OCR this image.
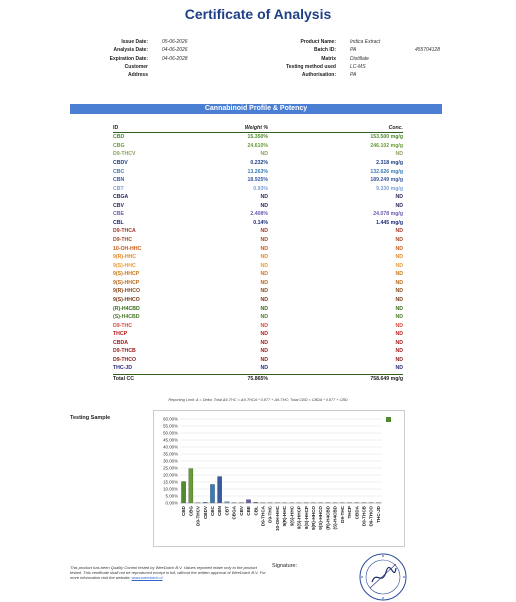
Certificate of Analysis
Issue Date:	05-06-2026
Analysis Date:	04-06-2026
Expiration Date:	04-06-2028
Customer
Address
Product Name:	Indica Extract
Batch ID:	PA	455704128
Matrix	Distillate
Testing method used	LC-MS
Authorisation:	PA
Cannabinoid Profile & Potency
ID	Weight %	Conc.
CBD	15.350%	153.500 mg/g
CBG	24.610%	246.102 mg/g
D9-THCV	ND	ND
CBDV	0.232%	2.318 mg/g
CBC	13.263%	132.626 mg/g
CBN	18.925%	189.249 mg/g
CBT	0.93%	9.330 mg/g
CBGA	ND	ND
CBV	ND	ND
CBE	2.408%	24.078 mg/g
CBL	0.14%	1.445 mg/g
D9-THCA	ND	ND
D9-THC	ND	ND
10-OH-HHC	ND	ND
9(R)-HHC	ND	ND
9(S)-HHC	ND	ND
9(S)-HHCP	ND	ND
9(S)-HHCP	ND	ND
9(R)-HHCO	ND	ND
9(S)-HHCO	ND	ND
(R)-H4CBD	ND	ND
(S)-H4CBD	ND	ND
D9-THC	ND	ND
THCP	ND	ND
CBDA	ND	ND
D9-THCB	ND	ND
D9-THCO	ND	ND
THC-JD	ND	ND
Total CC	75.865%	758.649 mg/g
Reporting Limit: Δ = Delta; Total Δ9-THC = Δ9-THCA * 0.877 + Δ9-THC; Total CBD = CBDA * 0.877 + CBD
Testing Sample	60.00%
55.00%
50.00%
45.00%
40.00%
35.00%
30.00%
25.00%
20.00%
15.00%
10.00%
5.00%
0.00%
CBD CBG D9-THCV CBDV CBC CBN CBT CBGA CBV CBE CBL D9-THCA D9-THC 10-OH-HHC 9(R)-HHC 9(S)-HHC 9(S)-HHCP 9(S)-HHCP 9(R)-HHCO 9(S)-HHCO (R)-H4CBD (S)-H4CBD D9-THC THCP CBDA D9-THCB D9-THCO THC-JD
This product has been Quality Control tested by WeeDutch B.V. Values reported relate only to the product tested. This certificate shall not be reproduced except in full, without the written approval of WeeDutch B.V. For more information visit the website: www.weedutch.nl
Signature:
